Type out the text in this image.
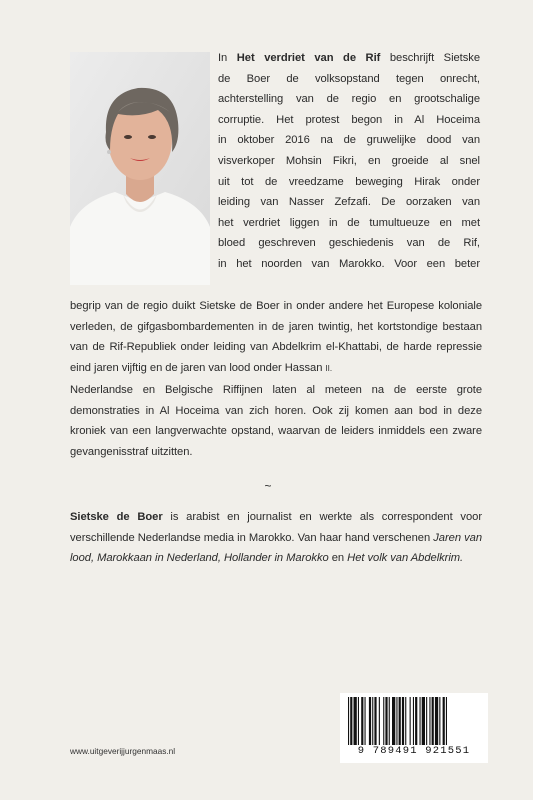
In Het verdriet van de Rif beschrijft Sietske
de Boer de volksopstand tegen onrecht,
achterstelling van de regio en grootschalige
corruptie. Het protest begon in Al Hoceima
in oktober 2016 na de gruwelijke dood van
visverkoper Mohsin Fikri, en groeide al snel
uit tot de vreedzame beweging Hirak onder
leiding van Nasser Zefzafi. De oorzaken van
het verdriet liggen in de tumultueuze en met
bloed geschreven geschiedenis van de Rif,
in het noorden van Marokko. Voor een beter

begrip van de regio duikt Sietske de Boer in onder andere het Europese koloniale verleden, de gifgasbombardementen in de jaren twintig, het kortstondige bestaan van de Rif-Republiek onder leiding van Abdelkrim el-Khattabi, de harde repressie eind jaren vijftig en de jaren van lood onder Hassan II.

Nederlandse en Belgische Riffijnen laten al meteen na de eerste grote demonstraties in Al Hoceima van zich horen. Ook zij komen aan bod in deze kroniek van een langverwachte opstand, waarvan de leiders inmiddels een zware gevangenisstraf uitzitten.

~

Sietske de Boer is arabist en journalist en werkte als correspondent voor verschillende Nederlandse media in Marokko. Van haar hand verschenen Jaren van lood, Marokkaan in Nederland, Hollander in Marokko en Het volk van Abdelkrim.

www.uitgeverijjurgenmaas.nl	9 789491 921551
